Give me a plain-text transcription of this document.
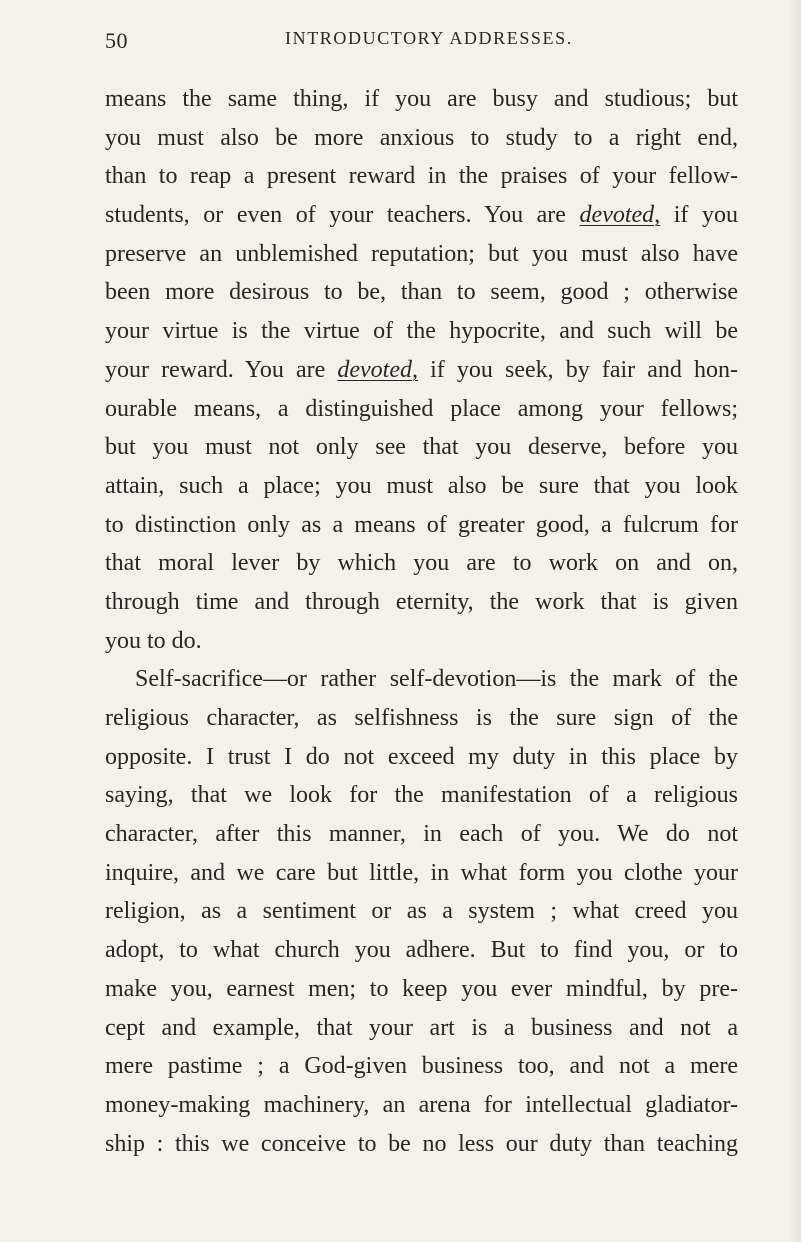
50	INTRODUCTORY ADDRESSES.
means the same thing, if you are busy and studious; but
you must also be more anxious to study to a right end,
than to reap a present reward in the praises of your fellow-
students, or even of your teachers. You are devoted, if you
preserve an unblemished reputation; but you must also have
been more desirous to be, than to seem, good ; otherwise
your virtue is the virtue of the hypocrite, and such will be
your reward. You are devoted, if you seek, by fair and hon-
ourable means, a distinguished place among your fellows;
but you must not only see that you deserve, before you
attain, such a place; you must also be sure that you look
to distinction only as a means of greater good, a fulcrum for
that moral lever by which you are to work on and on,
through time and through eternity, the work that is given
you to do.
Self-sacrifice—or rather self-devotion—is the mark of the
religious character, as selfishness is the sure sign of the
opposite. I trust I do not exceed my duty in this place by
saying, that we look for the manifestation of a religious
character, after this manner, in each of you. We do not
inquire, and we care but little, in what form you clothe your
religion, as a sentiment or as a system ; what creed you
adopt, to what church you adhere. But to find you, or to
make you, earnest men; to keep you ever mindful, by pre-
cept and example, that your art is a business and not a
mere pastime ; a God-given business too, and not a mere
money-making machinery, an arena for intellectual gladiator-
ship : this we conceive to be no less our duty than teaching
